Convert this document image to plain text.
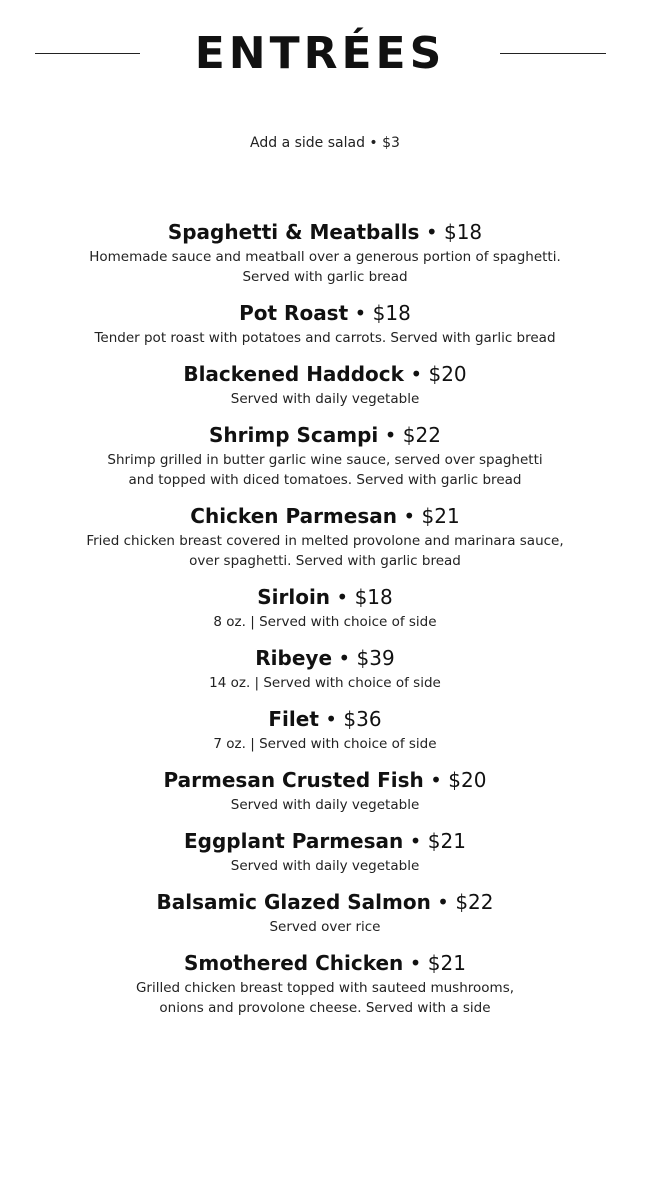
ENTRÉES
Add a side salad • $3
Spaghetti & Meatballs • $18
Homemade sauce and meatball over a generous portion of spaghetti.
Served with garlic bread
Pot Roast • $18
Tender pot roast with potatoes and carrots. Served with garlic bread
Blackened Haddock • $20
Served with daily vegetable
Shrimp Scampi • $22
Shrimp grilled in butter garlic wine sauce, served over spaghetti
and topped with diced tomatoes. Served with garlic bread
Chicken Parmesan • $21
Fried chicken breast covered in melted provolone and marinara sauce,
over spaghetti. Served with garlic bread
Sirloin • $18
8 oz. | Served with choice of side
Ribeye • $39
14 oz. | Served with choice of side
Filet • $36
7 oz. | Served with choice of side
Parmesan Crusted Fish • $20
Served with daily vegetable
Eggplant Parmesan • $21
Served with daily vegetable
Balsamic Glazed Salmon • $22
Served over rice
Smothered Chicken • $21
Grilled chicken breast topped with sauteed mushrooms,
onions and provolone cheese. Served with a side
